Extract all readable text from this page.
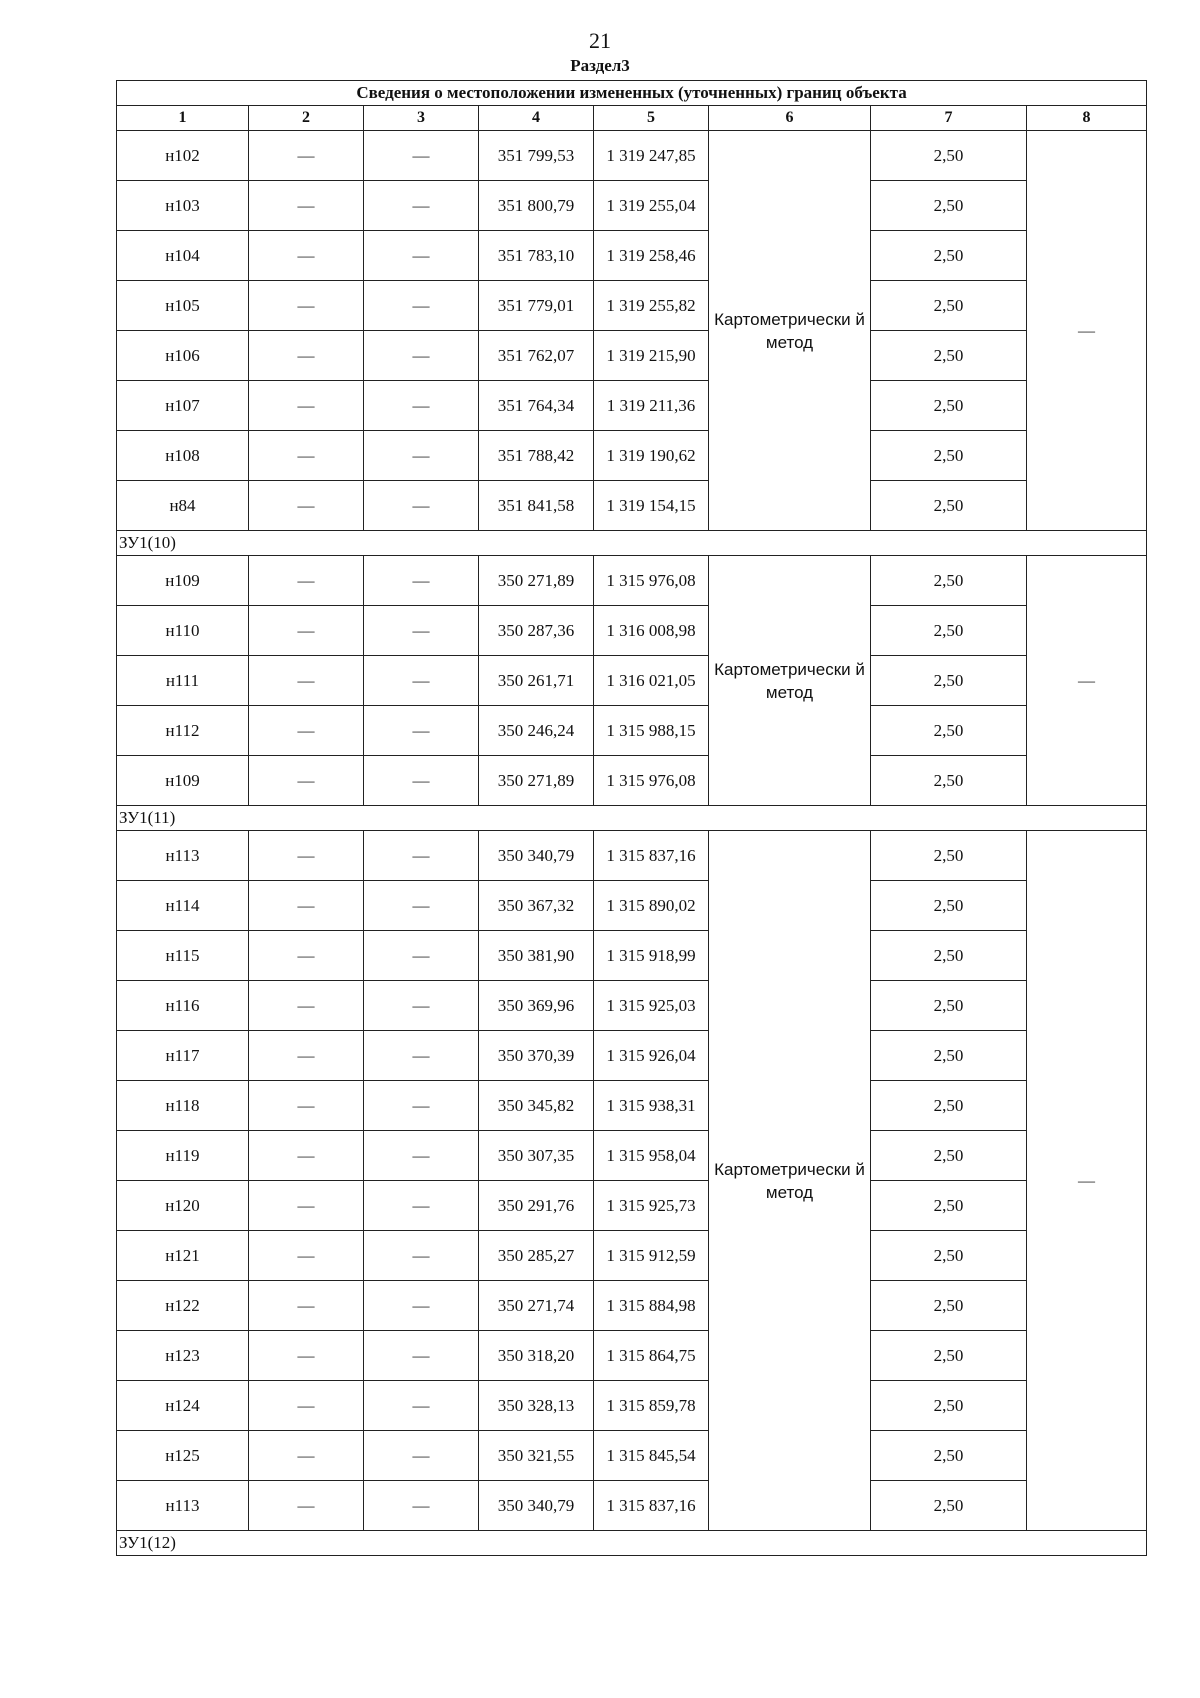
21
Раздел3
Сведения о местоположении измененных (уточненных) границ объекта							
1	2	3	4	5	6	7	8
н102	—	—	351 799,53	1 319 247,85	Картометрически й метод	2,50	—
н103	—	—	351 800,79	1 319 255,04		2,50	
н104	—	—	351 783,10	1 319 258,46		2,50	
н105	—	—	351 779,01	1 319 255,82		2,50	
н106	—	—	351 762,07	1 319 215,90		2,50	
н107	—	—	351 764,34	1 319 211,36		2,50	
н108	—	—	351 788,42	1 319 190,62		2,50	
н84	—	—	351 841,58	1 319 154,15		2,50	
ЗУ1(10)							
н109	—	—	350 271,89	1 315 976,08	Картометрически й метод	2,50	—
н110	—	—	350 287,36	1 316 008,98		2,50	
н111	—	—	350 261,71	1 316 021,05		2,50	
н112	—	—	350 246,24	1 315 988,15		2,50	
н109	—	—	350 271,89	1 315 976,08		2,50	
ЗУ1(11)							
н113	—	—	350 340,79	1 315 837,16	Картометрически й метод	2,50	—
н114	—	—	350 367,32	1 315 890,02		2,50	
н115	—	—	350 381,90	1 315 918,99		2,50	
н116	—	—	350 369,96	1 315 925,03		2,50	
н117	—	—	350 370,39	1 315 926,04		2,50	
н118	—	—	350 345,82	1 315 938,31		2,50	
н119	—	—	350 307,35	1 315 958,04		2,50	
н120	—	—	350 291,76	1 315 925,73		2,50	
н121	—	—	350 285,27	1 315 912,59		2,50	
н122	—	—	350 271,74	1 315 884,98		2,50	
н123	—	—	350 318,20	1 315 864,75		2,50	
н124	—	—	350 328,13	1 315 859,78		2,50	
н125	—	—	350 321,55	1 315 845,54		2,50	
н113	—	—	350 340,79	1 315 837,16		2,50	
ЗУ1(12)							
